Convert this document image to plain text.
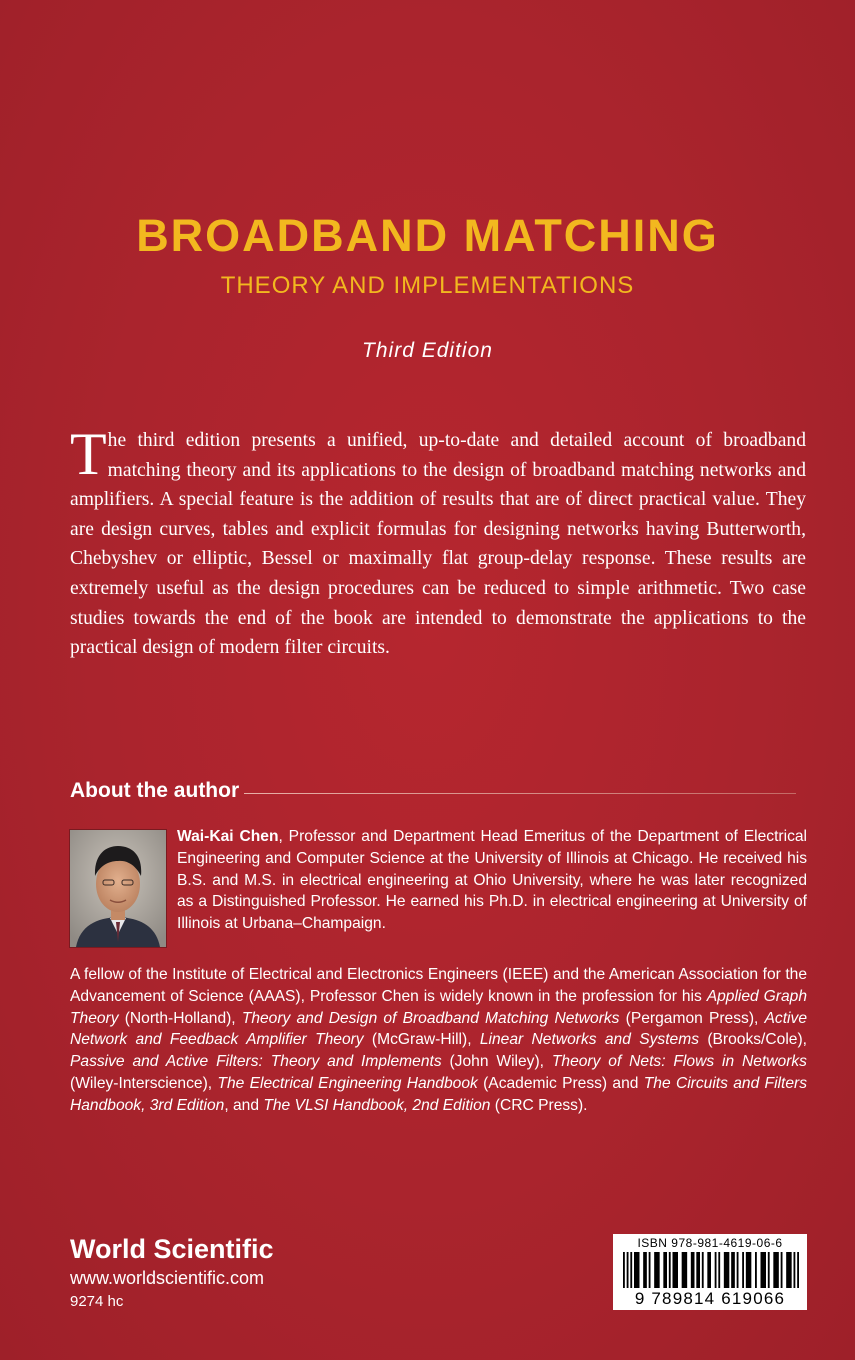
BROADBAND MATCHING
THEORY AND IMPLEMENTATIONS
Third Edition
The third edition presents a unified, up-to-date and detailed account of broadband matching theory and its applications to the design of broadband matching networks and amplifiers. A special feature is the addition of results that are of direct practical value. They are design curves, tables and explicit formulas for designing networks having Butterworth, Chebyshev or elliptic, Bessel or maximally flat group-delay response. These results are extremely useful as the design procedures can be reduced to simple arithmetic. Two case studies towards the end of the book are intended to demonstrate the applications to the practical design of modern filter circuits.
About the author
Wai-Kai Chen, Professor and Department Head Emeritus of the Department of Electrical Engineering and Computer Science at the University of Illinois at Chicago. He received his B.S. and M.S. in electrical engineering at Ohio University, where he was later recognized as a Distinguished Professor. He earned his Ph.D. in electrical engineering at University of Illinois at Urbana–Champaign.
A fellow of the Institute of Electrical and Electronics Engineers (IEEE) and the American Association for the Advancement of Science (AAAS), Professor Chen is widely known in the profession for his Applied Graph Theory (North-Holland), Theory and Design of Broadband Matching Networks (Pergamon Press), Active Network and Feedback Amplifier Theory (McGraw-Hill), Linear Networks and Systems (Brooks/Cole), Passive and Active Filters: Theory and Implements (John Wiley), Theory of Nets: Flows in Networks (Wiley-Interscience), The Electrical Engineering Handbook (Academic Press) and The Circuits and Filters Handbook, 3rd Edition, and The VLSI Handbook, 2nd Edition (CRC Press).
World Scientific
www.worldscientific.com
9274 hc
ISBN 978-981-4619-06-6
9 789814 619066
